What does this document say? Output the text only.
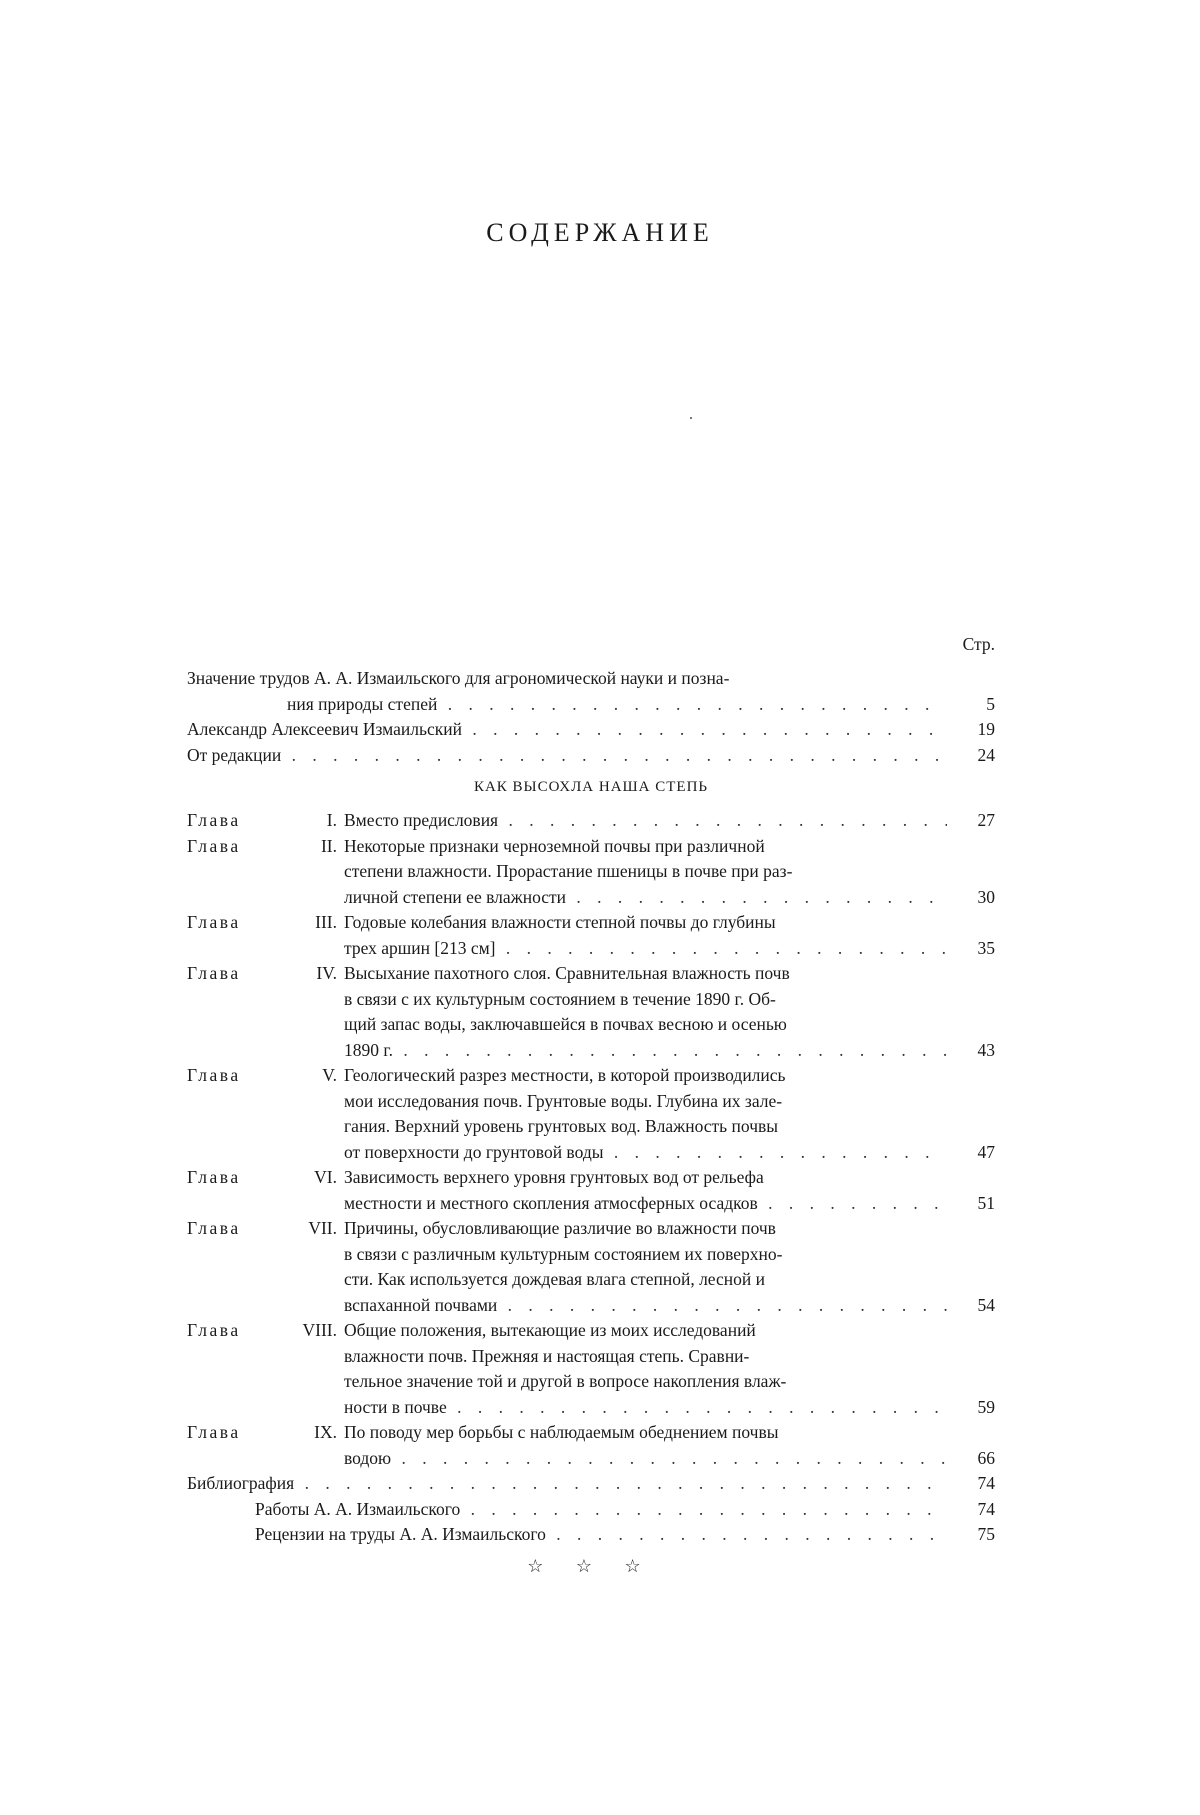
СОДЕРЖАНИЕ
Стр.
Значение трудов А. А. Измаильского для агрономической науки и позна-
ния природы степей . . . . . . . . . . . . . . . . . . . . . . . .	5
Александр Алексеевич Измаильский . . . . . . . . . . . . . . . . . . . . . . .	19
От редакции . . . . . . . . . . . . . . . . . . . . . . . . . . . . . . . .	24
КАК ВЫСОХЛА НАША СТЕПЬ
Глава	I. Вместо предисловия . . . . . . . . . . . . . . . . . . . . .	27
Глава	II. Некоторые признаки черноземной почвы при различной
степени влажности. Прорастание пшеницы в почве при раз-
личной степени ее влажности . . . . . . . . . . . . . . . . . .	30
Глава	III. Годовые колебания влажности степной почвы до глубины
трех аршин [213 см] . . . . . . . . . . . . . . . . . . . . .	35
Глава	IV. Высыхание пахотного слоя. Сравнительная влажность почв
в связи с их культурным состоянием в течение 1890 г. Об-
щий запас воды, заключавшейся в почвах весною и осенью
1890 г. . . . . . . . . . . . . . . . . . . . . . . . . . .	43
Глава	V. Геологический разрез местности, в которой производились
мои исследования почв. Грунтовые воды. Глубина их зале-
гания. Верхний уровень грунтовых вод. Влажность почвы
от поверхности до грунтовой воды . . . . . . . . . . . . . . . .	47
Глава	VI. Зависимость верхнего уровня грунтовых вод от рельефа
местности и местного скопления атмосферных осадков . . . . . . . . .	51
Глава	VII. Причины, обусловливающие различие во влажности почв
в связи с различным культурным состоянием их поверхно-
сти. Как используется дождевая влага степной, лесной и
вспаханной почвами . . . . . . . . . . . . . . . . . . . . .	54
Глава	VIII. Общие положения, вытекающие из моих исследований
влажности почв. Прежняя и настоящая степь. Сравни-
тельное значение той и другой в вопросе накопления влаж-
ности в почве . . . . . . . . . . . . . . . . . . . . . . . .	59
Глава	IX. По поводу мер борьбы с наблюдаемым обеднением почвы
водою . . . . . . . . . . . . . . . . . . . . . . . . . .	66
Библиография . . . . . . . . . . . . . . . . . . . . . . . . . . . . . . .	74
Работы А. А. Измаильского . . . . . . . . . . . . . . . . . . . . . . .	74
Рецензии на труды А. А. Измаильского . . . . . . . . . . . . . . . . . . .	75
☆ ☆ ☆
